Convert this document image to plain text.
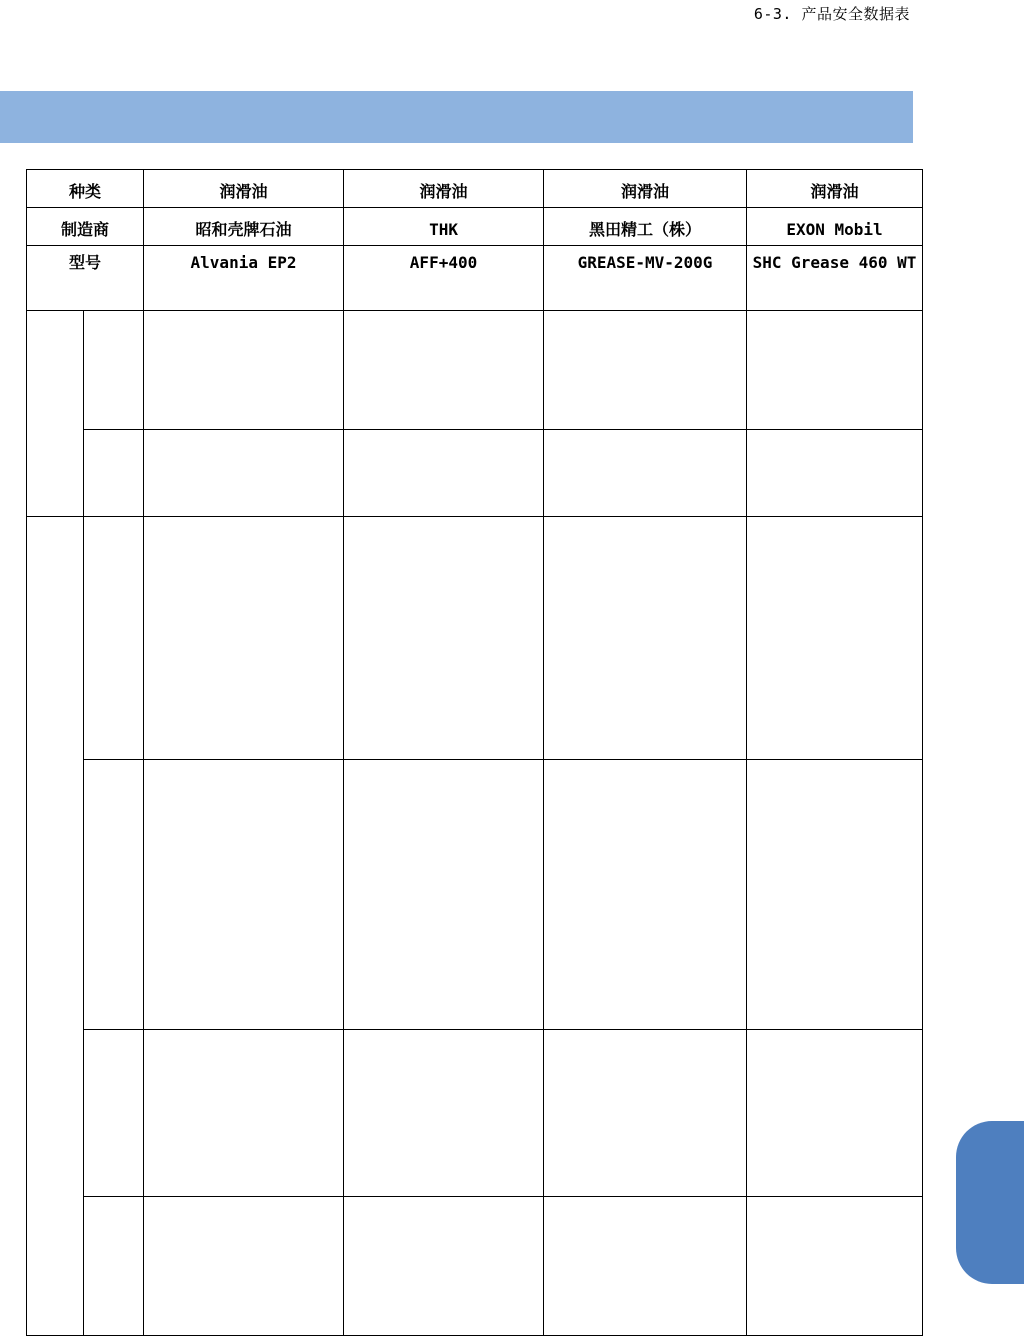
6-3. 产品安全数据表
种类		润滑油	润滑油	润滑油	润滑油

制造商		昭和壳牌石油	THK	黑田精工（株）	EXON Mobil

型号		Alvania EP2	AFF+400	GREASE-MV-200G	SHC Grease 460 WT
